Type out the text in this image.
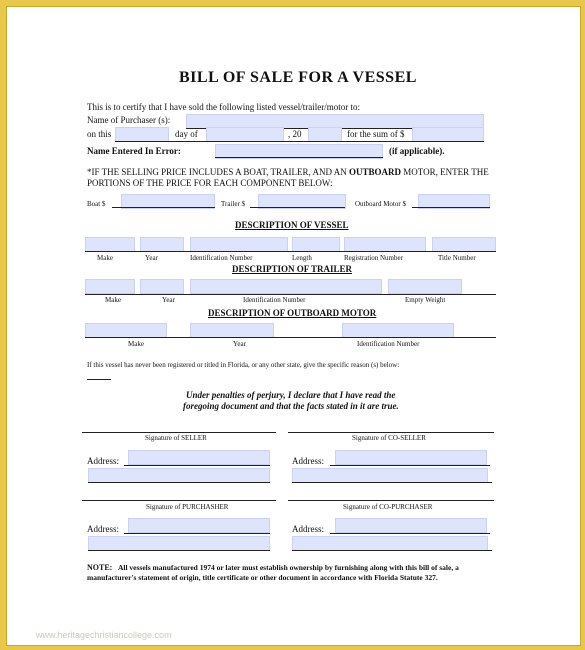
BILL OF SALE FOR A VESSEL
This is to certify that I have sold the following listed vessel/trailer/motor to:
Name of Purchaser (s):
on this	day of	, 20	for the sum of $
Name Entered In Error:	(if applicable).
*IF THE SELLING PRICE INCLUDES A BOAT, TRAILER, AND AN OUTBOARD MOTOR, ENTER THE
PORTIONS OF THE PRICE FOR EACH COMPONENT BELOW:
Boat $	Trailer $	Outboard Motor $
DESCRIPTION OF VESSEL
Make	Year	Identification Number	Length	Registration Number	Title Number
DESCRIPTION OF TRAILER
Make	Year	Identification Number	Empty Weight
DESCRIPTION OF OUTBOARD MOTOR
Make	Year	Identification Number
If this vessel has never been registered or titled in Florida, or any other state, give the specific reason (s) below:
Under penalties of perjury, I declare that I have read the
foregoing document and that the facts stated in it are true.
Signature of SELLER	Signature of CO-SELLER
Address:	Address:
Signature of PURCHASHER	Signature of CO-PURCHASER
Address:	Address:
NOTE: All vessels manufactured 1974 or later must establish ownership by furnishing along with this bill of sale, a
manufacturer's statement of origin, title certificate or other document in accordance with Florida Statute 327.
www.heritagechristiancollege.com
